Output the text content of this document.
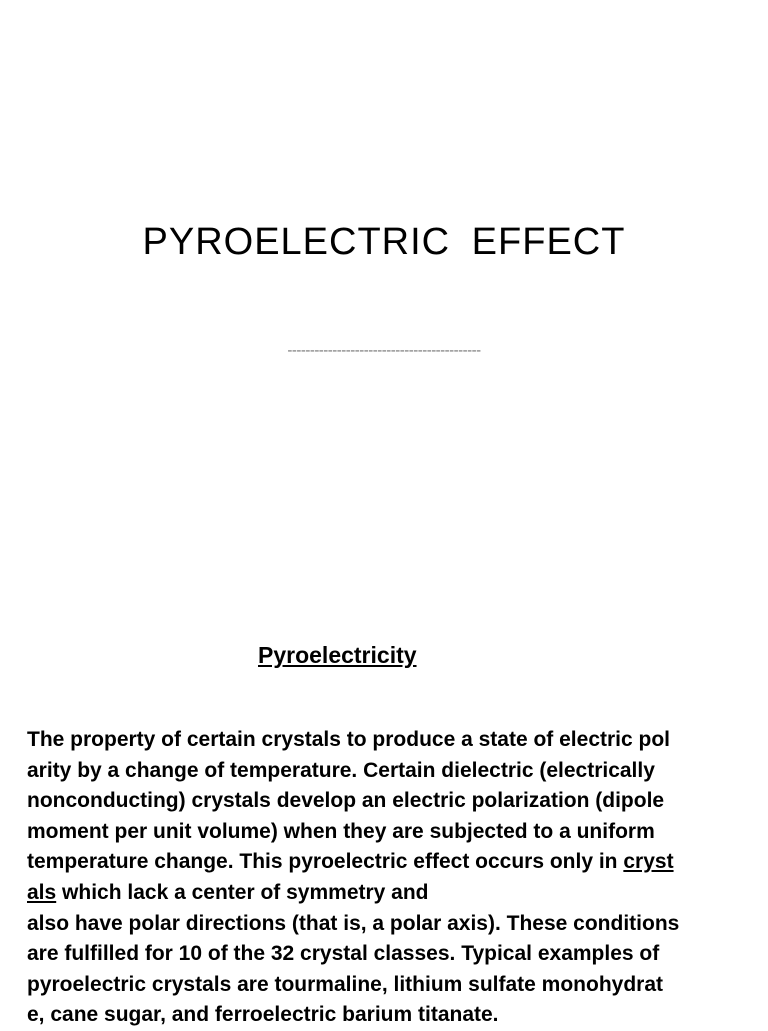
PYROELECTRIC EFFECT
-------------------------------------------
Pyroelectricity

The property of certain crystals to produce a state of electric pol
arity by a change of temperature. Certain dielectric (electrically
nonconducting) crystals develop an electric polarization (dipole
moment per unit volume) when they are subjected to a uniform
temperature change. This pyroelectric effect occurs only in cryst
als which lack a center of symmetry and
also have polar directions (that is, a polar axis). These conditions
are fulfilled for 10 of the 32 crystal classes. Typical examples of
pyroelectric crystals are tourmaline, lithium sulfate monohydrat
e, cane sugar, and ferroelectric barium titanate.
